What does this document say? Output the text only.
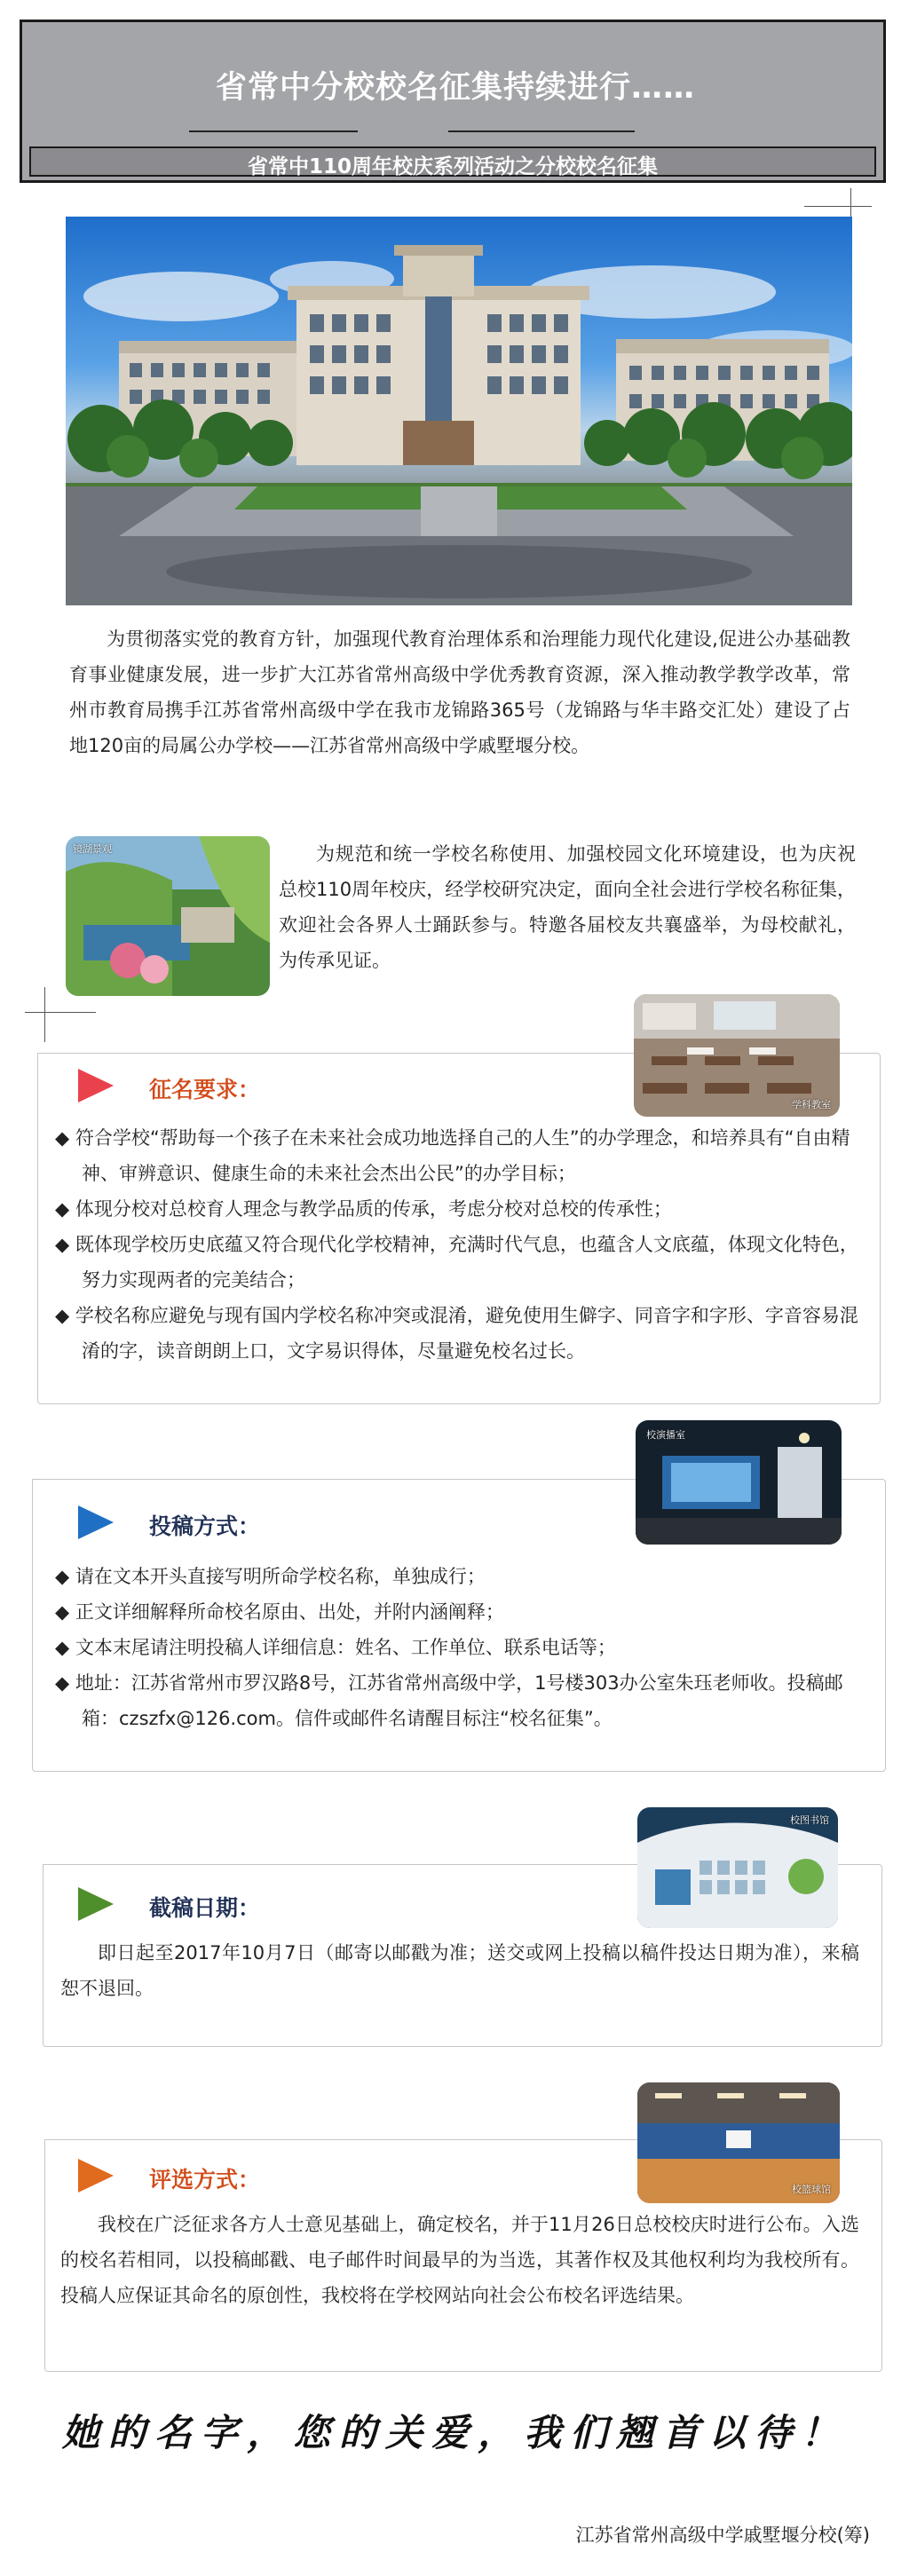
省常中分校校名征集持续进行……
省常中110周年校庆系列活动之分校校名征集
为贯彻落实党的教育方针，加强现代教育治理体系和治理能力现代化建设,促进公办基础教育事业健康发展，进一步扩大江苏省常州高级中学优秀教育资源，深入推动教学教学改革，常州市教育局携手江苏省常州高级中学在我市龙锦路365号（龙锦路与华丰路交汇处）建设了占地120亩的局属公办学校——江苏省常州高级中学戚墅堰分校。
镜湖景观	为规范和统一学校名称使用、加强校园文化环境建设，也为庆祝总校110周年校庆，经学校研究决定，面向全社会进行学校名称征集，欢迎社会各界人士踊跃参与。特邀各届校友共襄盛举，为母校献礼，为传承见证。
学科教室
征名要求：
◆ 符合学校“帮助每一个孩子在未来社会成功地选择自己的人生”的办学理念，和培养具有“自由精神、审辨意识、健康生命的未来社会杰出公民”的办学目标；
◆ 体现分校对总校育人理念与教学品质的传承，考虑分校对总校的传承性；
◆ 既体现学校历史底蕴又符合现代化学校精神，充满时代气息，也蕴含人文底蕴，体现文化特色，努力实现两者的完美结合；
◆ 学校名称应避免与现有国内学校名称冲突或混淆，避免使用生僻字、同音字和字形、字音容易混淆的字，读音朗朗上口，文字易识得体，尽量避免校名过长。
校演播室
投稿方式：
◆ 请在文本开头直接写明所命学校名称，单独成行；
◆ 正文详细解释所命校名原由、出处，并附内涵阐释；
◆ 文本末尾请注明投稿人详细信息：姓名、工作单位、联系电话等；
◆ 地址：江苏省常州市罗汉路8号，江苏省常州高级中学，1号楼303办公室朱珏老师收。投稿邮箱：czszfx@126.com。信件或邮件名请醒目标注“校名征集”。
校图书馆
截稿日期：
即日起至2017年10月7日（邮寄以邮戳为准；送交或网上投稿以稿件投达日期为准），来稿恕不退回。
校篮球馆
评选方式：
我校在广泛征求各方人士意见基础上，确定校名，并于11月26日总校校庆时进行公布。入选的校名若相同，以投稿邮戳、电子邮件时间最早的为当选，其著作权及其他权利均为我校所有。投稿人应保证其命名的原创性，我校将在学校网站向社会公布校名评选结果。
她的名字，您的关爱，我们翘首以待！
江苏省常州高级中学戚墅堰分校(筹)
